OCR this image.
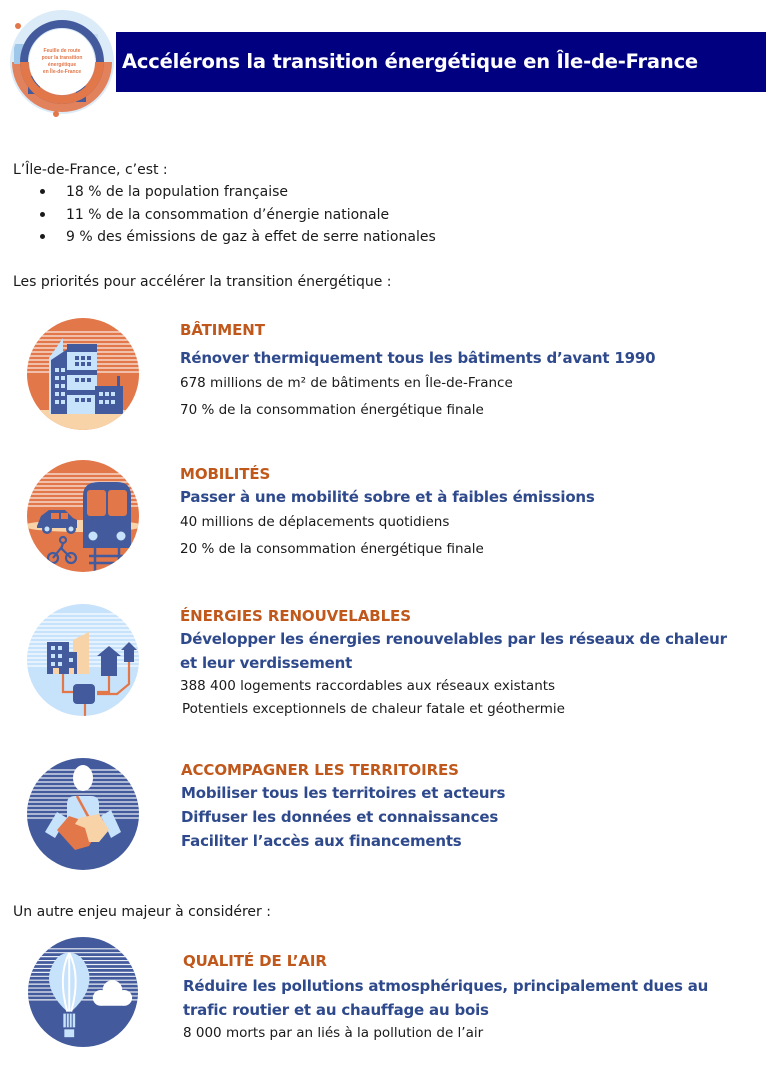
Feuille de route
pour la transition
énergétique
en Île-de-France Accélérons la transition énergétique en Île-de-France
L’Île-de-France, c’est :
18 % de la population française
11 % de la consommation d’énergie nationale
9 % des émissions de gaz à effet de serre nationales
Les priorités pour accélérer la transition énergétique :
BÂTIMENT
Rénover thermiquement tous les bâtiments d’avant 1990
678 millions de m² de bâtiments en Île-de-France
70 % de la consommation énergétique finale
MOBILITÉS
Passer à une mobilité sobre et à faibles émissions
40 millions de déplacements quotidiens
20 % de la consommation énergétique finale
ÉNERGIES RENOUVELABLES
Développer les énergies renouvelables par les réseaux de chaleur et leur verdissement
388 400 logements raccordables aux réseaux existants
Potentiels exceptionnels de chaleur fatale et géothermie
ACCOMPAGNER LES TERRITOIRES
Mobiliser tous les territoires et acteurs
Diffuser les données et connaissances
Faciliter l’accès aux financements
Un autre enjeu majeur à considérer :
QUALITÉ DE L’AIR
Réduire les pollutions atmosphériques, principalement dues au trafic routier et au chauffage au bois
8 000 morts par an liés à la pollution de l’air
